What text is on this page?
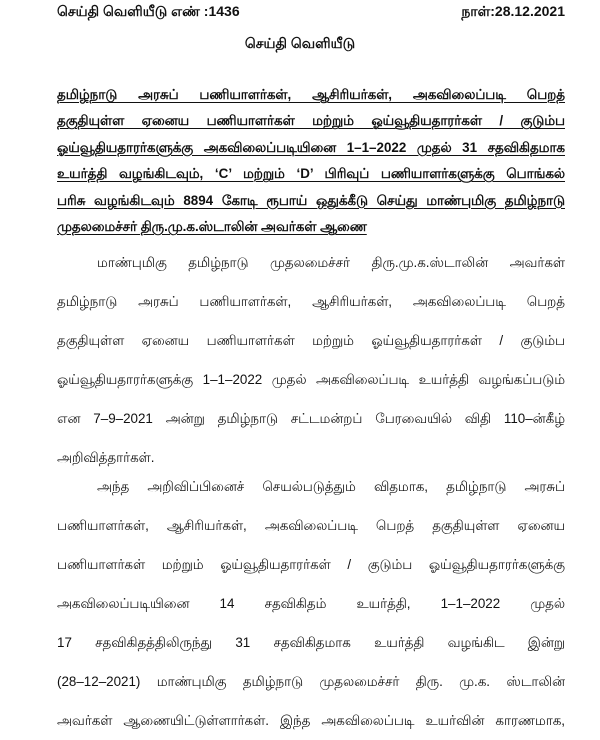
செய்தி வெளியீடு எண் :1436	நாள்:28.12.2021
செய்தி வெளியீடு
தமிழ்நாடு அரசுப் பணியாளர்கள், ஆசிரியர்கள், அகவிலைப்படி பெறத்
தகுதியுள்ள ஏனைய பணியாளர்கள் மற்றும் ஓய்வூதியதாரர்கள் / குடும்ப
ஓய்வூதியதாரர்களுக்கு அகவிலைப்படியினை 1–1–2022 முதல் 31 சதவிகிதமாக
உயர்த்தி வழங்கிடவும், ‘C’ மற்றும் ‘D’ பிரிவுப் பணியாளர்களுக்கு பொங்கல்
பரிசு வழங்கிடவும் 8894 கோடி ரூபாய் ஒதுக்கீடு செய்து மாண்புமிகு தமிழ்நாடு
முதலமைச்சர் திரு.மு.க.ஸ்டாலின் அவர்கள் ஆணை
மாண்புமிகு தமிழ்நாடு முதலமைச்சர் திரு.மு.க.ஸ்டாலின் அவர்கள்
தமிழ்நாடு அரசுப் பணியாளர்கள், ஆசிரியர்கள், அகவிலைப்படி பெறத்
தகுதியுள்ள ஏனைய பணியாளர்கள் மற்றும் ஓய்வூதியதாரர்கள் / குடும்ப
ஓய்வூதியதாரர்களுக்கு 1–1–2022 முதல் அகவிலைப்படி உயர்த்தி வழங்கப்படும்
என 7–9–2021 அன்று தமிழ்நாடு சட்டமன்றப் பேரவையில் விதி 110–ன்கீழ்
அறிவித்தார்கள்.
அந்த அறிவிப்பினைச் செயல்படுத்தும் விதமாக, தமிழ்நாடு அரசுப்
பணியாளர்கள், ஆசிரியர்கள், அகவிலைப்படி பெறத் தகுதியுள்ள ஏனைய
பணியாளர்கள் மற்றும் ஓய்வூதியதாரர்கள் / குடும்ப ஓய்வூதியதாரர்களுக்கு
அகவிலைப்படியினை 14 சதவிகிதம் உயர்த்தி, 1–1–2022 முதல்
17 சதவிகிதத்திலிருந்து 31 சதவிகிதமாக உயர்த்தி வழங்கிட இன்று
(28–12–2021) மாண்புமிகு தமிழ்நாடு முதலமைச்சர் திரு. மு.க. ஸ்டாலின்
அவர்கள் ஆணையிட்டுள்ளார்கள். இந்த அகவிலைப்படி உயர்வின் காரணமாக,
